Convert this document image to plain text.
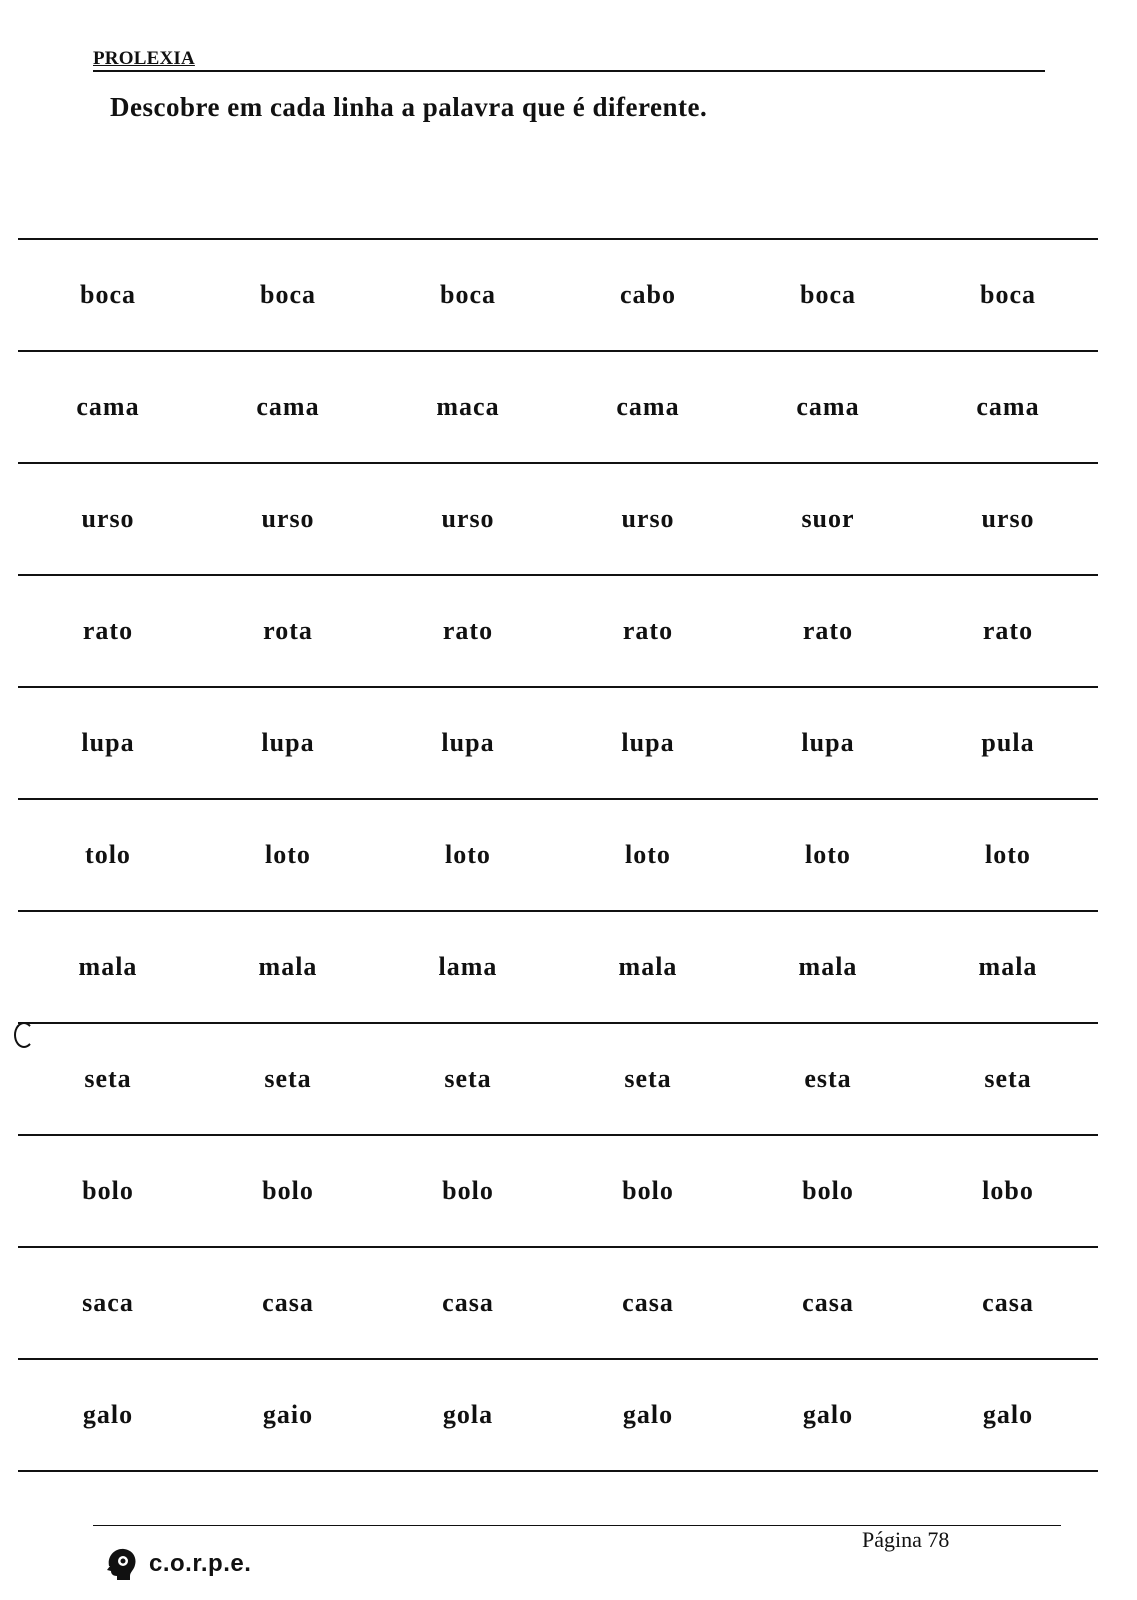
PROLEXIA
Descobre em cada linha a palavra que é diferente.
boca	boca	boca	cabo	boca	boca
cama	cama	maca	cama	cama	cama
urso	urso	urso	urso	suor	urso
rato	rota	rato	rato	rato	rato
lupa	lupa	lupa	lupa	lupa	pula
tolo	loto	loto	loto	loto	loto
mala	mala	lama	mala	mala	mala
seta	seta	seta	seta	esta	seta
bolo	bolo	bolo	bolo	bolo	lobo
saca	casa	casa	casa	casa	casa
galo	gaio	gola	galo	galo	galo
c.o.r.p.e.
Página 78
